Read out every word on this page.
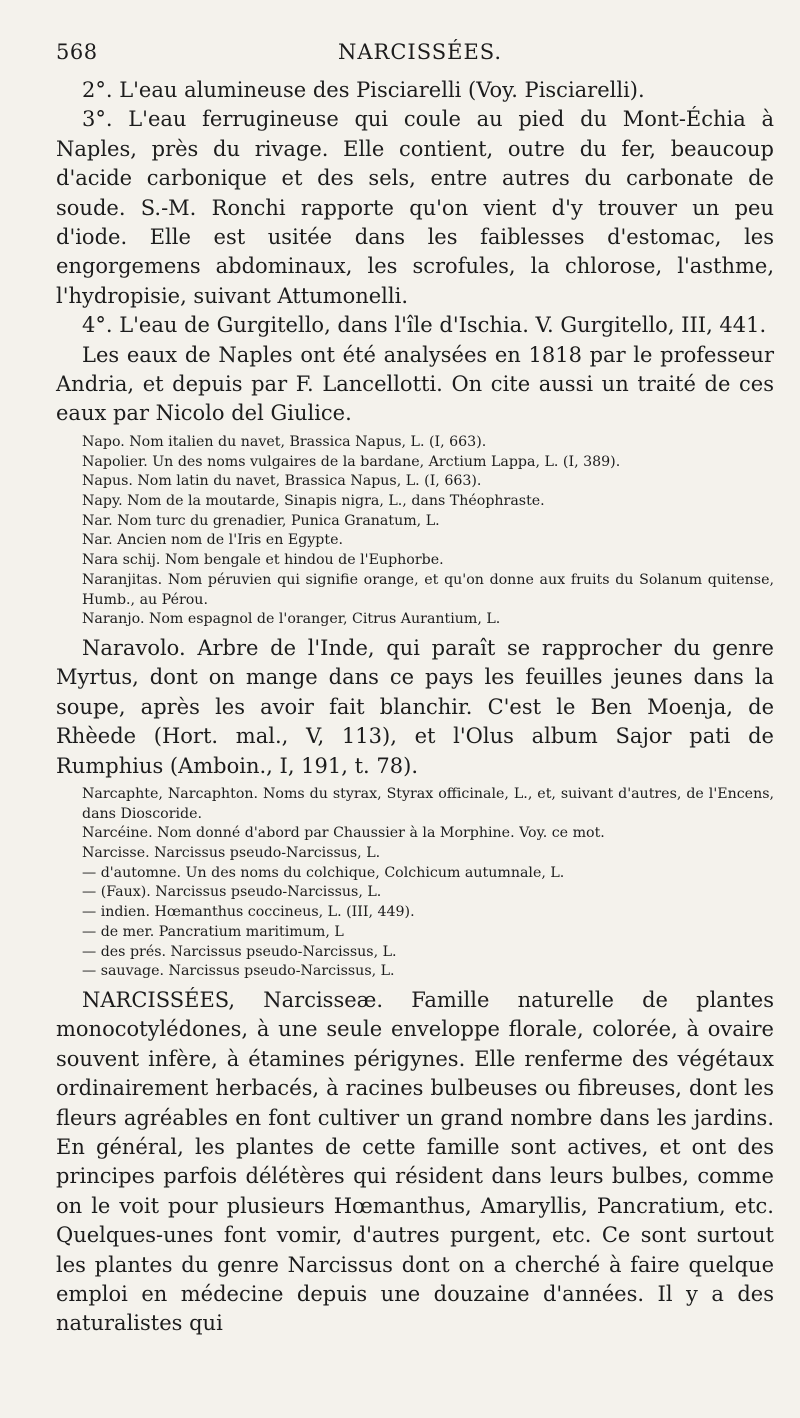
568	NARCISSÉES.

2°. L'eau alumineuse des Pisciarelli (Voy. Pisciarelli).

3°. L'eau ferrugineuse qui coule au pied du Mont-Échia à Naples, près du rivage. Elle contient, outre du fer, beaucoup d'acide carbonique et des sels, entre autres du carbonate de soude. S.-M. Ronchi rapporte qu'on vient d'y trouver un peu d'iode. Elle est usitée dans les faiblesses d'estomac, les engorgemens abdominaux, les scrofules, la chlorose, l'asthme, l'hydropisie, suivant Attumonelli.

4°. L'eau de Gurgitello, dans l'île d'Ischia. V. Gurgitello, III, 441.

Les eaux de Naples ont été analysées en 1818 par le professeur Andria, et depuis par F. Lancellotti. On cite aussi un traité de ces eaux par Nicolo del Giulice.

Napo. Nom italien du navet, Brassica Napus, L. (I, 663).

Napolier. Un des noms vulgaires de la bardane, Arctium Lappa, L. (I, 389).

Napus. Nom latin du navet, Brassica Napus, L. (I, 663).

Napy. Nom de la moutarde, Sinapis nigra, L., dans Théophraste.

Nar. Nom turc du grenadier, Punica Granatum, L.

Nar. Ancien nom de l'Iris en Egypte.

Nara schij. Nom bengale et hindou de l'Euphorbe.

Naranjitas. Nom péruvien qui signifie orange, et qu'on donne aux fruits du Solanum quitense, Humb., au Pérou.

Naranjo. Nom espagnol de l'oranger, Citrus Aurantium, L.

Naravolo. Arbre de l'Inde, qui paraît se rapprocher du genre Myrtus, dont on mange dans ce pays les feuilles jeunes dans la soupe, après les avoir fait blanchir. C'est le Ben Moenja, de Rhèede (Hort. mal., V, 113), et l'Olus album Sajor pati de Rumphius (Amboin., I, 191, t. 78).

Narcaphte, Narcaphton. Noms du styrax, Styrax officinale, L., et, suivant d'autres, de l'Encens, dans Dioscoride.

Narcéine. Nom donné d'abord par Chaussier à la Morphine. Voy. ce mot.

Narcisse. Narcissus pseudo-Narcissus, L.

— d'automne. Un des noms du colchique, Colchicum autumnale, L.

— (Faux). Narcissus pseudo-Narcissus, L.

— indien. Hœmanthus coccineus, L. (III, 449).

— de mer. Pancratium maritimum, L

— des prés. Narcissus pseudo-Narcissus, L.

— sauvage. Narcissus pseudo-Narcissus, L.

NARCISSÉES, Narcisseæ. Famille naturelle de plantes monocotylédones, à une seule enveloppe florale, colorée, à ovaire souvent infère, à étamines périgynes. Elle renferme des végétaux ordinairement herbacés, à racines bulbeuses ou fibreuses, dont les fleurs agréables en font cultiver un grand nombre dans les jardins. En général, les plantes de cette famille sont actives, et ont des principes parfois délétères qui résident dans leurs bulbes, comme on le voit pour plusieurs Hœmanthus, Amaryllis, Pancratium, etc. Quelques-unes font vomir, d'autres purgent, etc. Ce sont surtout les plantes du genre Narcissus dont on a cherché à faire quelque emploi en médecine depuis une douzaine d'années. Il y a des naturalistes qui
